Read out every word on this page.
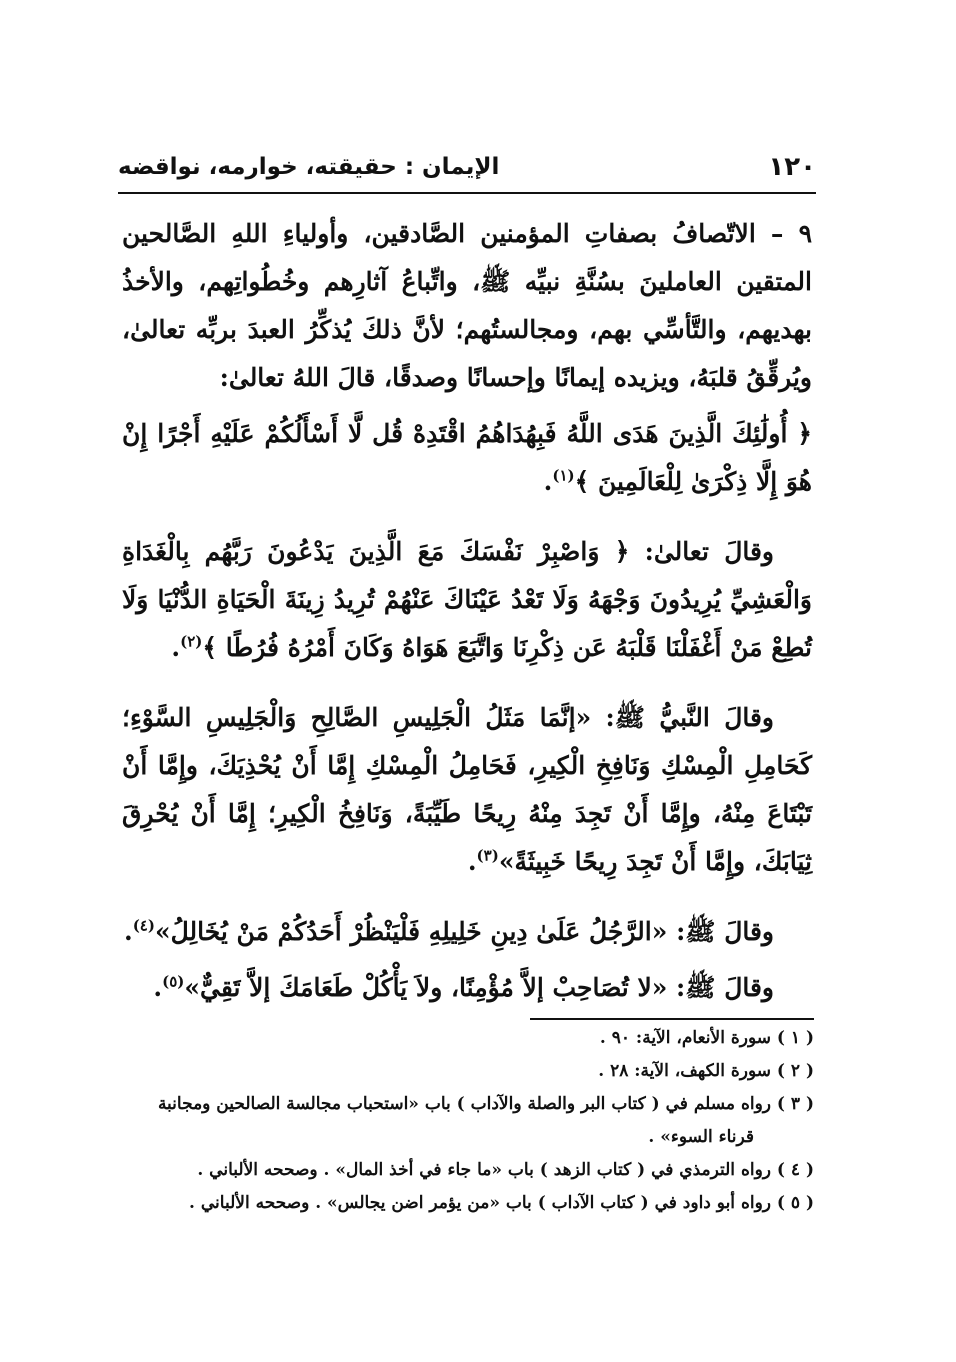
١٢٠
الإيمان : حقيقته، خوارمه، نواقضه

٩ – الاتّصافُ بصفاتِ المؤمنين الصَّادقين، وأولياءِ اللهِ الصَّالحين المتقين العاملينَ بسُنَّةِ نبيِّه ﷺ، واتِّباعُ آثارِهم وخُطُواتِهم، والأخذُ بهديهم، والتَّأسِّي بهم، ومجالستُهم؛ لأنَّ ذلكَ يُذكِّرُ العبدَ بربِّه تعالىٰ، ويُرقِّقُ قلبَهُ، ويزيده إيمانًا وإحسانًا وصدقًا، قالَ اللهُ تعالىٰ:

﴿ أُولَٰئِكَ الَّذِينَ هَدَى اللَّهُ فَبِهُدَاهُمُ اقْتَدِهْ قُل لَّا أَسْأَلُكُمْ عَلَيْهِ أَجْرًا إِنْ هُوَ إِلَّا ذِكْرَىٰ لِلْعَالَمِينَ ﴾$^{(١)}$.

وقالَ تعالىٰ: ﴿ وَاصْبِرْ نَفْسَكَ مَعَ الَّذِينَ يَدْعُونَ رَبَّهُم بِالْغَدَاةِ وَالْعَشِيِّ يُرِيدُونَ وَجْهَهُ وَلَا تَعْدُ عَيْنَاكَ عَنْهُمْ تُرِيدُ زِينَةَ الْحَيَاةِ الدُّنْيَا وَلَا تُطِعْ مَنْ أَغْفَلْنَا قَلْبَهُ عَن ذِكْرِنَا وَاتَّبَعَ هَوَاهُ وَكَانَ أَمْرُهُ فُرُطًا ﴾$^{(٢)}$.

وقالَ النَّبيُّ ﷺ: «إنَّمَا مَثَلُ الْجَلِيسِ الصَّالِحِ وَالْجَلِيسِ السَّوْءِ؛ كَحَامِلِ الْمِسْكِ وَنَافِخِ الْكِيرِ، فَحَامِلُ الْمِسْكِ إِمَّا أَنْ يُحْذِيَكَ، وإِمَّا أَنْ تَبْتَاعَ مِنْهُ، وإِمَّا أَنْ تَجِدَ مِنْهُ رِيحًا طَيِّبَةً، وَنَافِخُ الْكِيرِ؛ إِمَّا أَنْ يُحْرِقَ ثِيَابَكَ، وإِمَّا أَنْ تَجِدَ رِيحًا خَبِيثَةً»$^{(٣)}$.

وقالَ ﷺ: «الرَّجُلُ عَلَىٰ دِينِ خَلِيلِهِ فَلْيَنْظُرْ أَحَدُكُمْ مَنْ يُخَالِلُ»$^{(٤)}$.

وقالَ ﷺ: «لا تُصَاحِبْ إلاَّ مُؤْمِنًا، ولاَ يَأْكُلْ طَعَامَكَ إلاَّ تَقِيٌّ»$^{(٥)}$.

( ١ ) سورة الأنعام، الآية: ٩٠ .

( ٢ ) سورة الكهف، الآية: ٢٨ .

( ٣ ) رواه مسلم في ( كتاب البر والصلة والآداب ) باب «استحباب مجالسة الصالحين ومجانبة
قرناء السوء» .

( ٤ ) رواه الترمذي في ( كتاب الزهد ) باب «ما جاء في أخذ المال» . وصححه الألباني .

( ٥ ) رواه أبو داود في ( كتاب الآداب ) باب «من يؤمر اضن يجالس» . وصححه الألباني .
